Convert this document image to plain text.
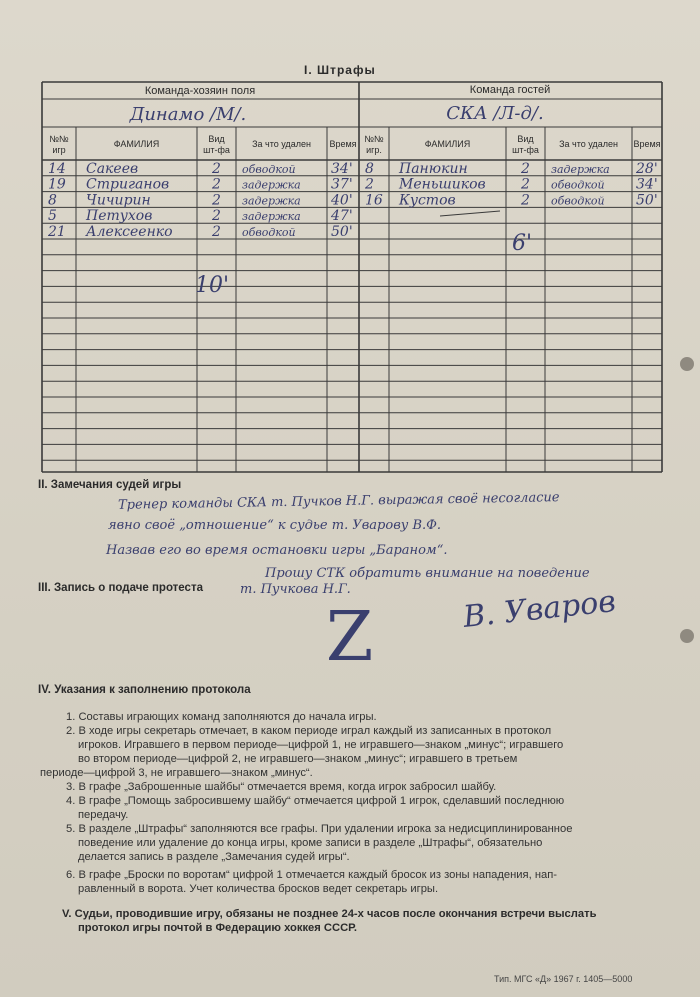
I. Штрафы
Команда-хозяин поля	Команда гостей
Динамо /М/.	СКА /Л-д/.
№№
игр
ФАМИЛИЯ	Вид
шт-фа
За что удален Время №№
игр.
ФАМИЛИЯ	Вид
шт-фа
За что удален Время
14 Сакеев	2 обводкой	34'
19 Стриганов	2 задержка 37'
8 Чичирин	2 задержка 40'
5 Петухов	2 задержка 47'
21 Алексеенко	2 обводкой	50'
8 Панюкин	2 задержка 28'
2 Меньшиков	2 обводкой 34'
16 Кустов	2 обводкой 50'
10'
6'
II. Замечания судей игры
Тренер команды СКА т. Пучков Н.Г. выражая своё несогласие
явно своё „отношение“ к судье т. Уварову В.Ф.
Назвав его во время остановки игры „Бараном“.
Прошу СТК обратить внимание на поведение
III. Запись о подаче протеста	т. Пучкова Н.Г.
Z	В. Уваров
IV. Указания к заполнению протокола
1. Составы играющих команд заполняются до начала игры.
2. В ходе игры секретарь отмечает, в каком периоде играл каждый из записанных в протокол
игроков. Игравшего в первом периоде—цифрой 1, не игравшего—знаком „минус“; игравшего
во втором периоде—цифрой 2, не игравшего—знаком „минус“; игравшего в третьем
периоде—цифрой 3, не игравшего—знаком „минус“.
3. В графе „Заброшенные шайбы“ отмечается время, когда игрок забросил шайбу.
4. В графе „Помощь забросившему шайбу“ отмечается цифрой 1 игрок, сделавший последнюю
передачу.
5. В разделе „Штрафы“ заполняются все графы. При удалении игрока за недисциплинированное
поведение или удаление до конца игры, кроме записи в разделе „Штрафы“, обязательно
делается запись в разделе „Замечания судей игры“.
6. В графе „Броски по воротам“ цифрой 1 отмечается каждый бросок из зоны нападения, нап-
равленный в ворота. Учет количества бросков ведет секретарь игры.
V. Судьи, проводившие игру, обязаны не позднее 24-х часов после окончания встречи выслать
протокол игры почтой в Федерацию хоккея СССР.
Тип. МГС «Д» 1967 г. 1405—5000
